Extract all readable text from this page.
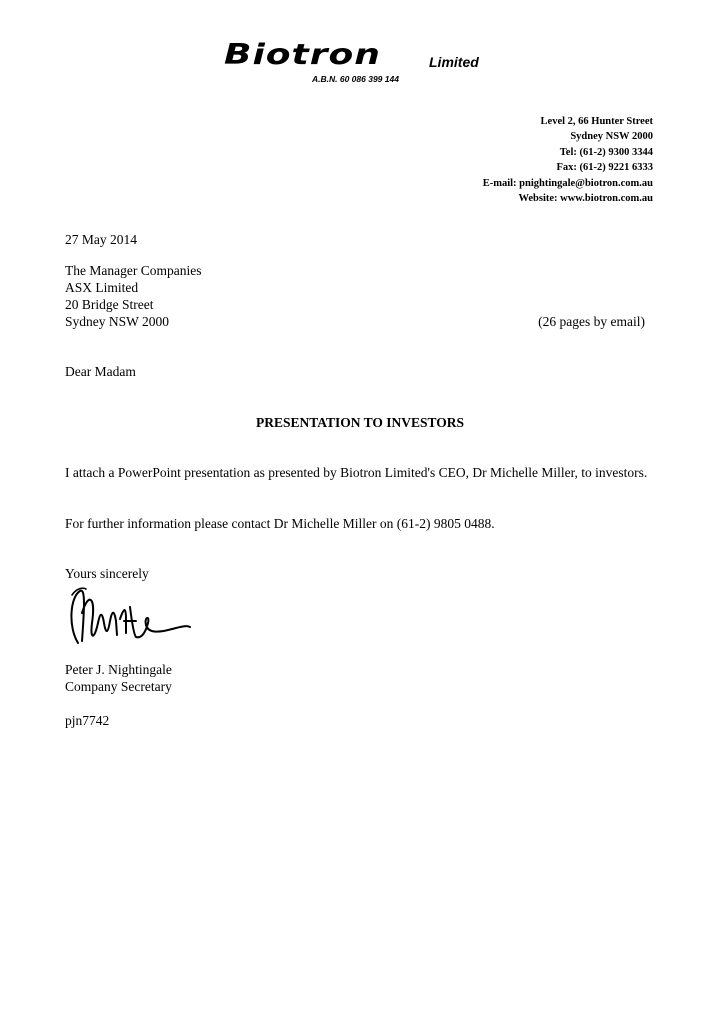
Biotron	Limited
A.B.N. 60 086 399 144
Level 2, 66 Hunter Street
Sydney NSW 2000
Tel: (61-2) 9300 3344
Fax: (61-2) 9221 6333
E-mail: pnightingale@biotron.com.au
Website: www.biotron.com.au
27 May 2014
The Manager Companies
ASX Limited
20 Bridge Street
Sydney NSW 2000	(26 pages by email)
Dear Madam
PRESENTATION TO INVESTORS
I attach a PowerPoint presentation as presented by Biotron Limited's CEO, Dr Michelle Miller, to investors.
For further information please contact Dr Michelle Miller on (61-2) 9805 0488.
Yours sincerely
Peter J. Nightingale
Company Secretary
pjn7742
